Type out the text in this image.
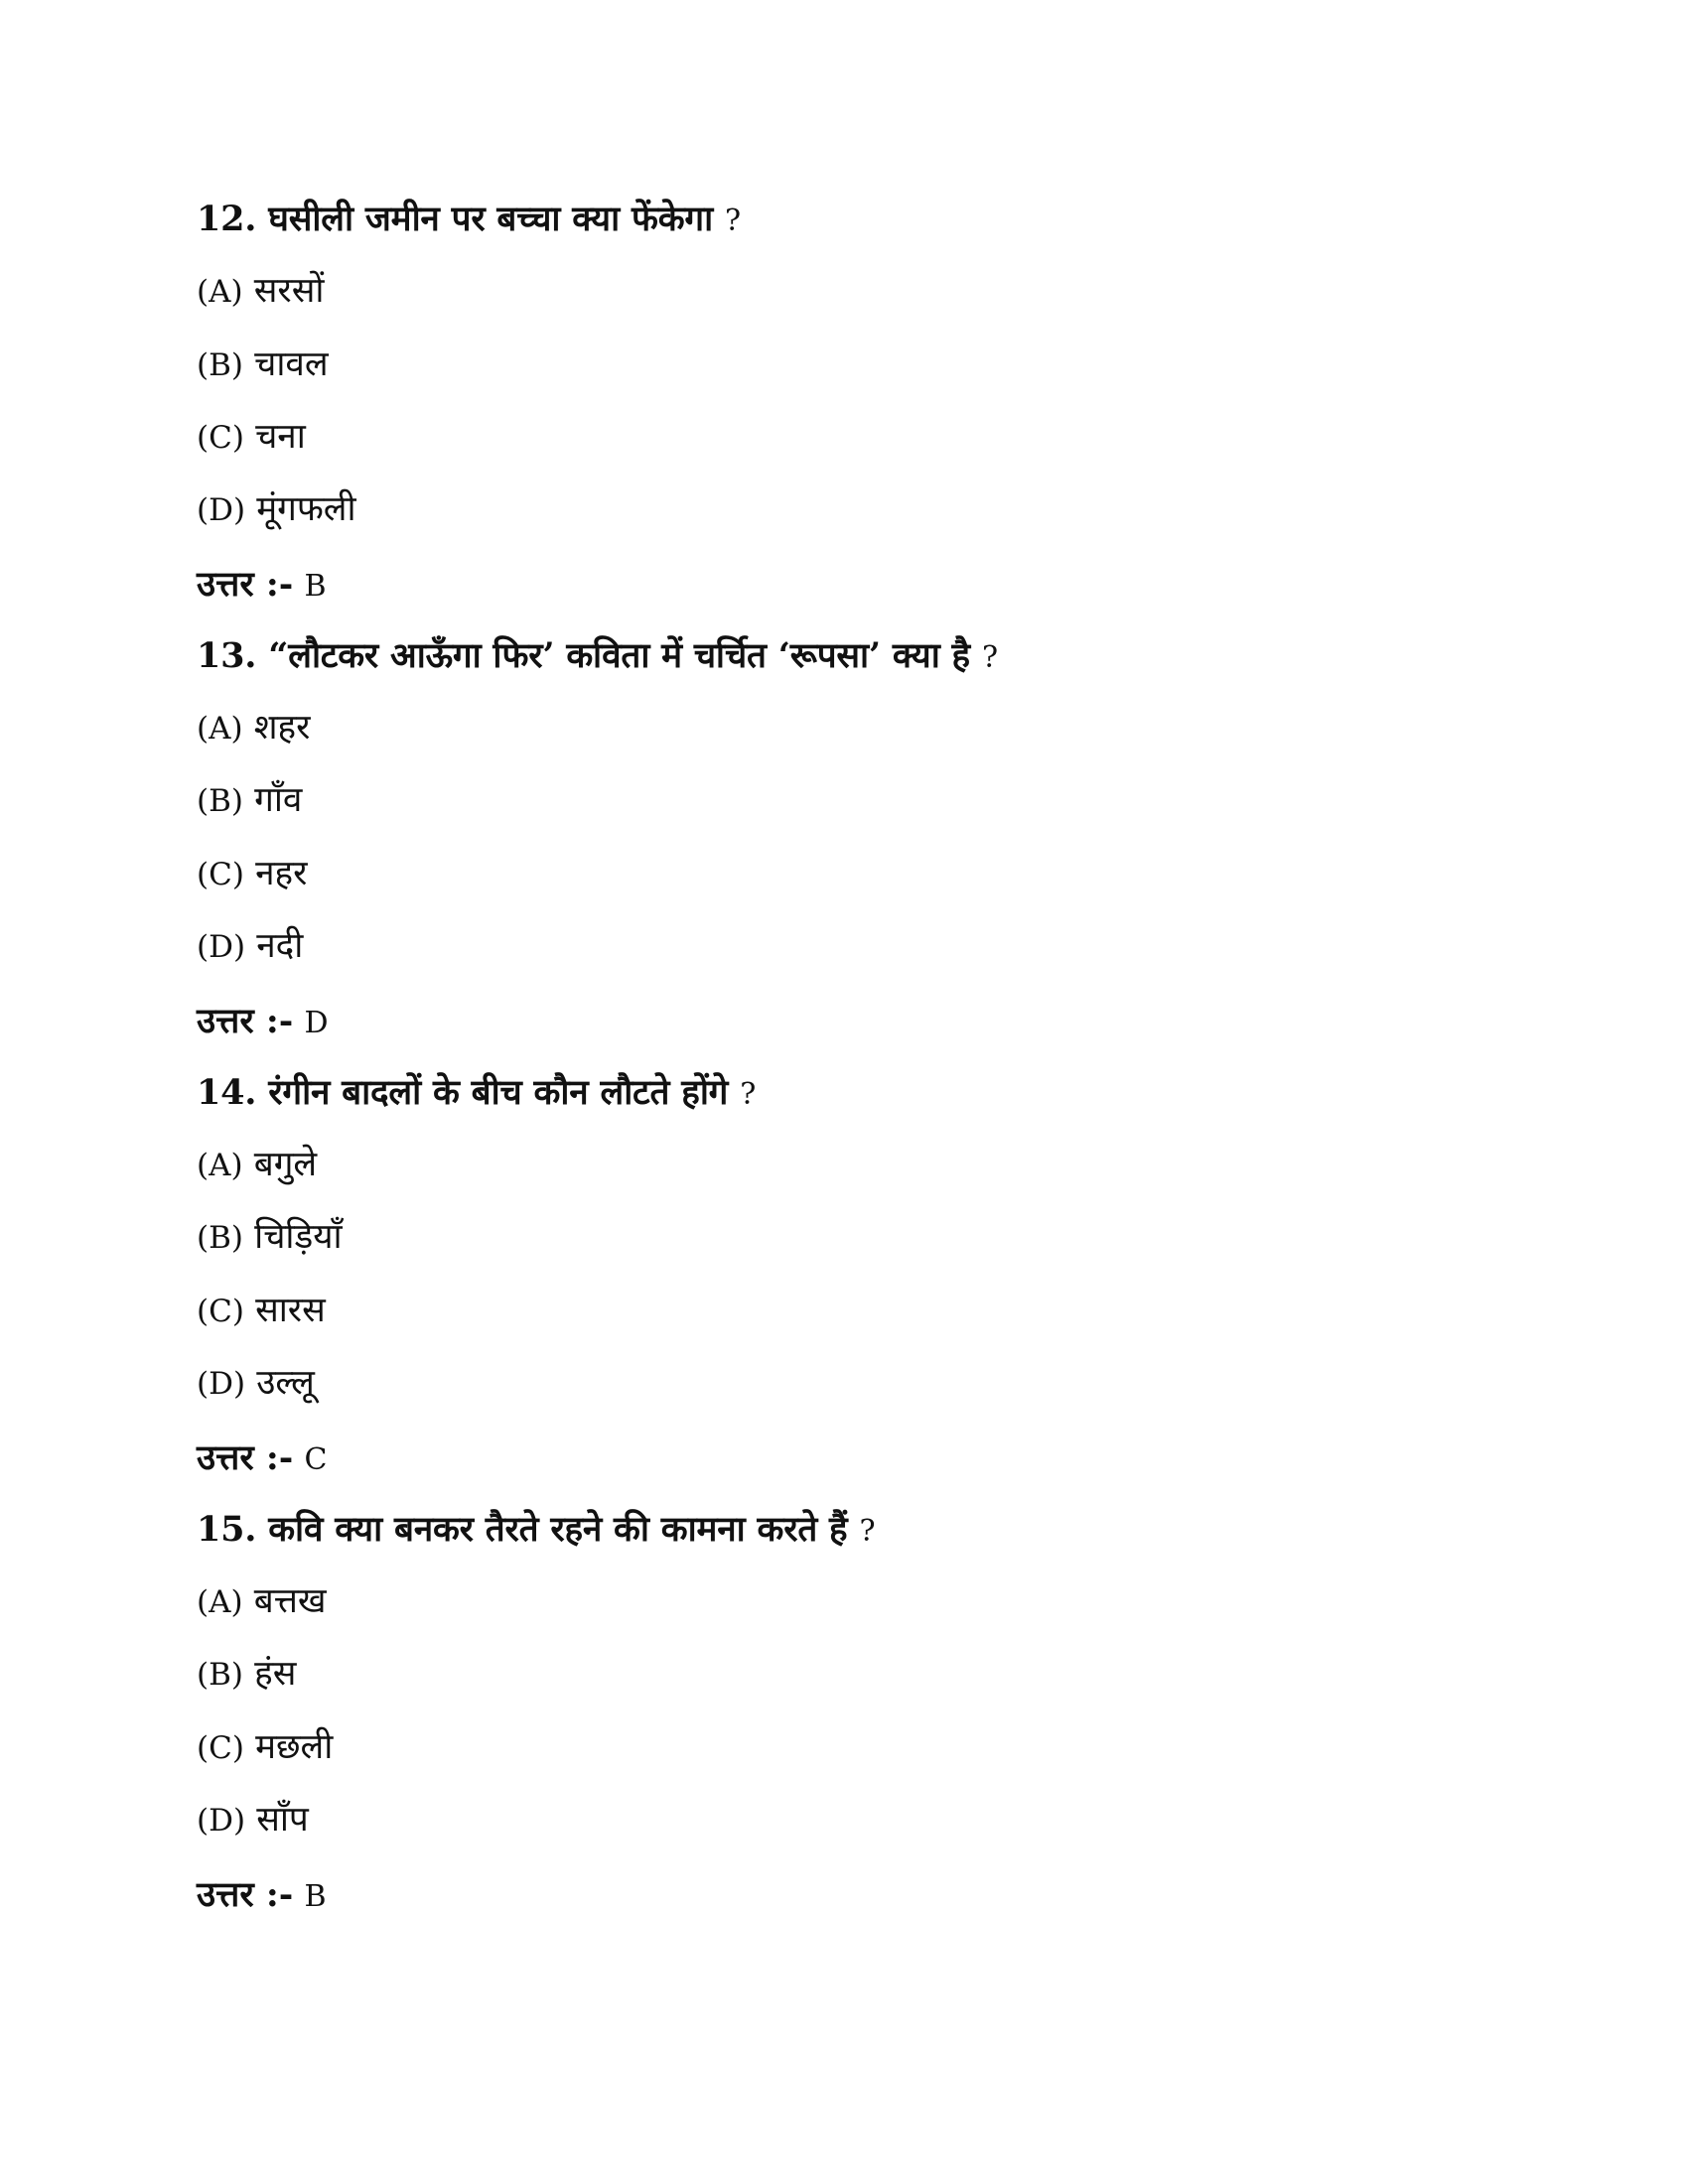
12. घसीली जमीन पर बच्चा क्या फेंकेगा ?
(A) सरसों
(B) चावल
(C) चना
(D) मूंगफली
उत्तर :- B
13. “लौटकर आऊँगा फिर’ कविता में चर्चित ‘रूपसा’ क्या है ?
(A) शहर
(B) गाँव
(C) नहर
(D) नदी
उत्तर :- D
14. रंगीन बादलों के बीच कौन लौटते होंगे ?
(A) बगुले
(B) चिड़ियाँ
(C) सारस
(D) उल्लू
उत्तर :- C
15. कवि क्या बनकर तैरते रहने की कामना करते हैं ?
(A) बत्तख
(B) हंस
(C) मछली
(D) साँप
उत्तर :- B
